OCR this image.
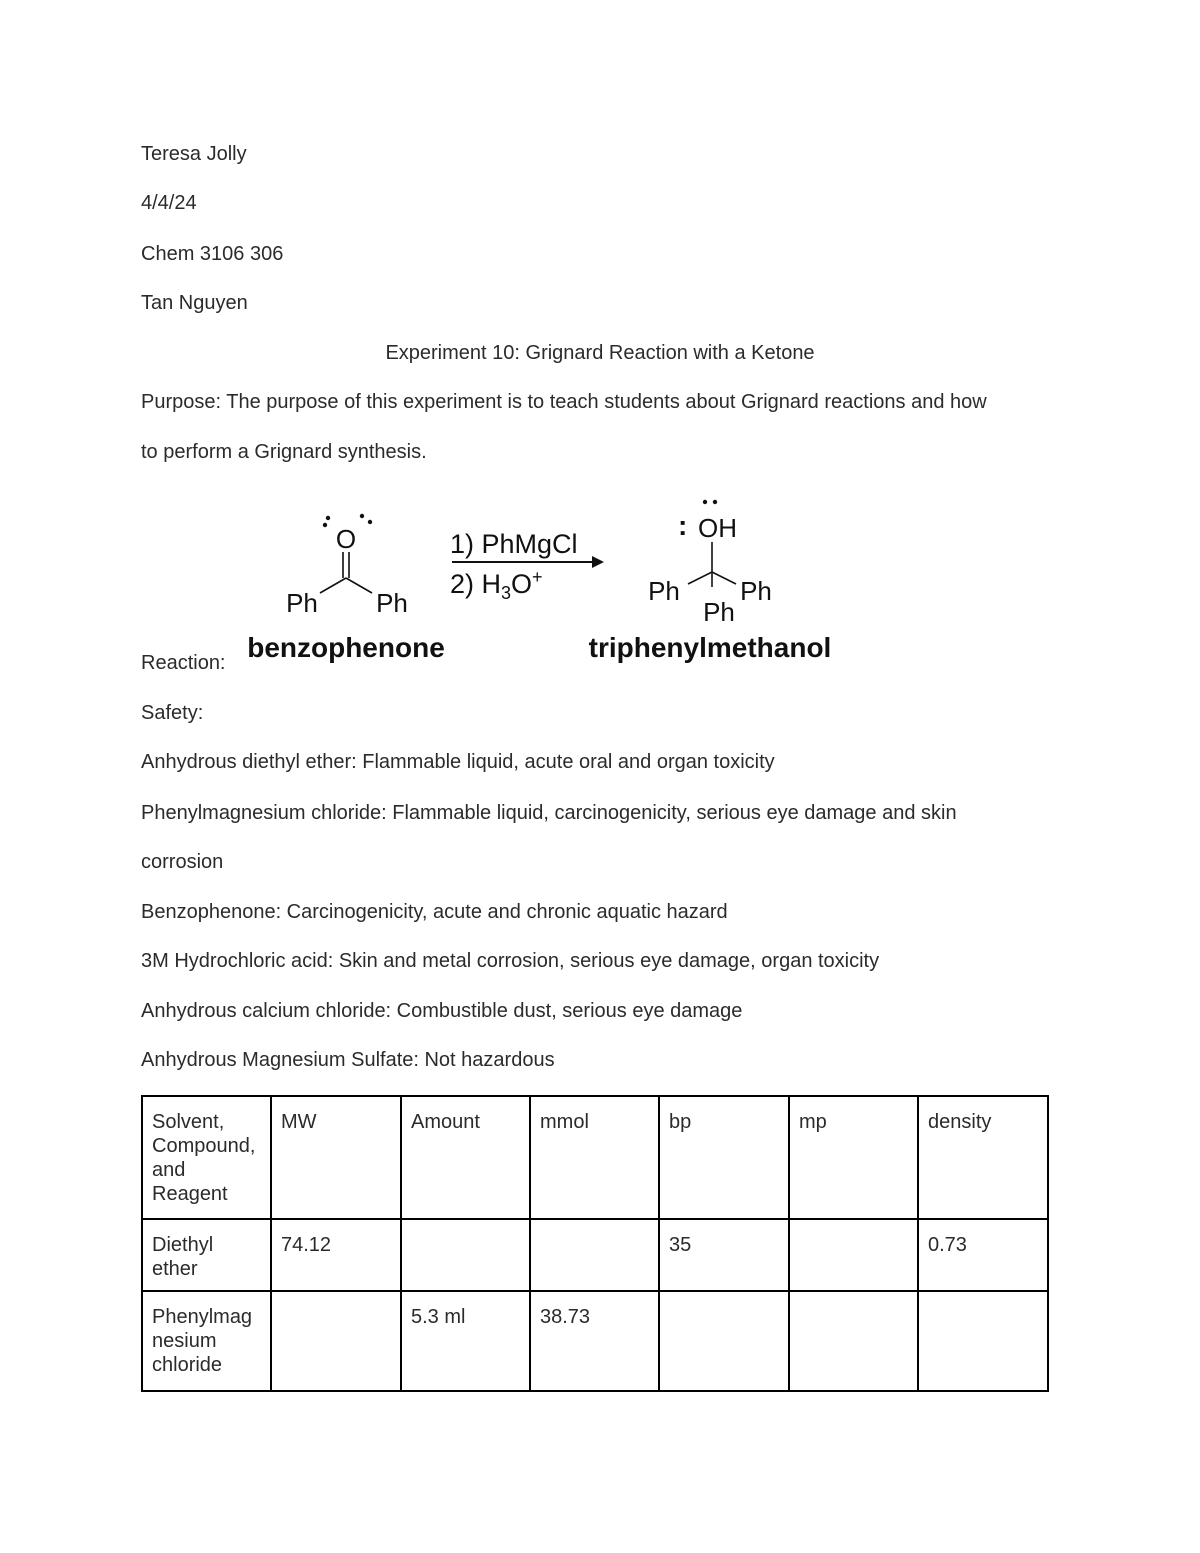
Teresa Jolly
4/4/24
Chem 3106 306
Tan Nguyen
Experiment 10: Grignard Reaction with a Ketone
Purpose: The purpose of this experiment is to teach students about Grignard reactions and how
to perform a Grignard synthesis.
O
Ph Ph
benzophenone
1) PhMgCl
2) $H_3O^+$
: OH
Ph Ph
Ph
triphenylmethanol
Reaction:
Safety:
Anhydrous diethyl ether: Flammable liquid, acute oral and organ toxicity
Phenylmagnesium chloride: Flammable liquid, carcinogenicity, serious eye damage and skin
corrosion
Benzophenone: Carcinogenicity, acute and chronic aquatic hazard
3M Hydrochloric acid: Skin and metal corrosion, serious eye damage, organ toxicity
Anhydrous calcium chloride: Combustible dust, serious eye damage
Anhydrous Magnesium Sulfate: Not hazardous
Solvent, Compound, and Reagent	MW	Amount	mmol	bp	mp	density
Diethyl ether	74.12			35		0.73
Phenylmagnesium chloride		5.3 ml	38.73			
